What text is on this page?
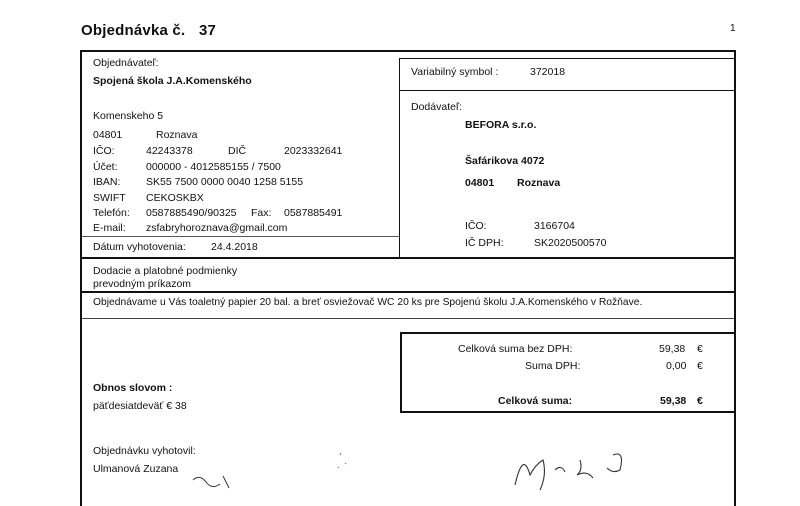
Objednávka č. 37	1
Objednávateľ:
Spojená škola J.A.Komenského
Komenskeho 5
04801	Roznava
IČO:	42243378	DIČ	2023332641
Účet:	000000 - 4012585155 / 7500
IBAN: SK55 7500 0000 0040 1258 5155
SWIFT CEKOSKBX
Telefón: 0587885490/90325 Fax: 0587885491
E-mail: zsfabryhoroznava@gmail.com
Dátum vyhotovenia: 24.4.2018
Variabilný symbol :	372018
Dodávateľ:
BEFORA s.r.o.
Šafárikova 4072
04801 Roznava
IČO:	3166704
IČ DPH:	SK2020500570
Dodacie a platobné podmienky
prevodným príkazom
Objednávame u Vás toaletný papier 20 bal. a breť osviežovač WC 20 ks pre Spojenú školu J.A.Komenského v Rožňave.
Celková suma bez DPH:	59,38 €
Suma DPH:	0,00 €
Celková suma:	59,38 €
Obnos slovom :
päťdesiatdeväť € 38
Objednávku vyhotovil:
Ulmanová Zuzana
